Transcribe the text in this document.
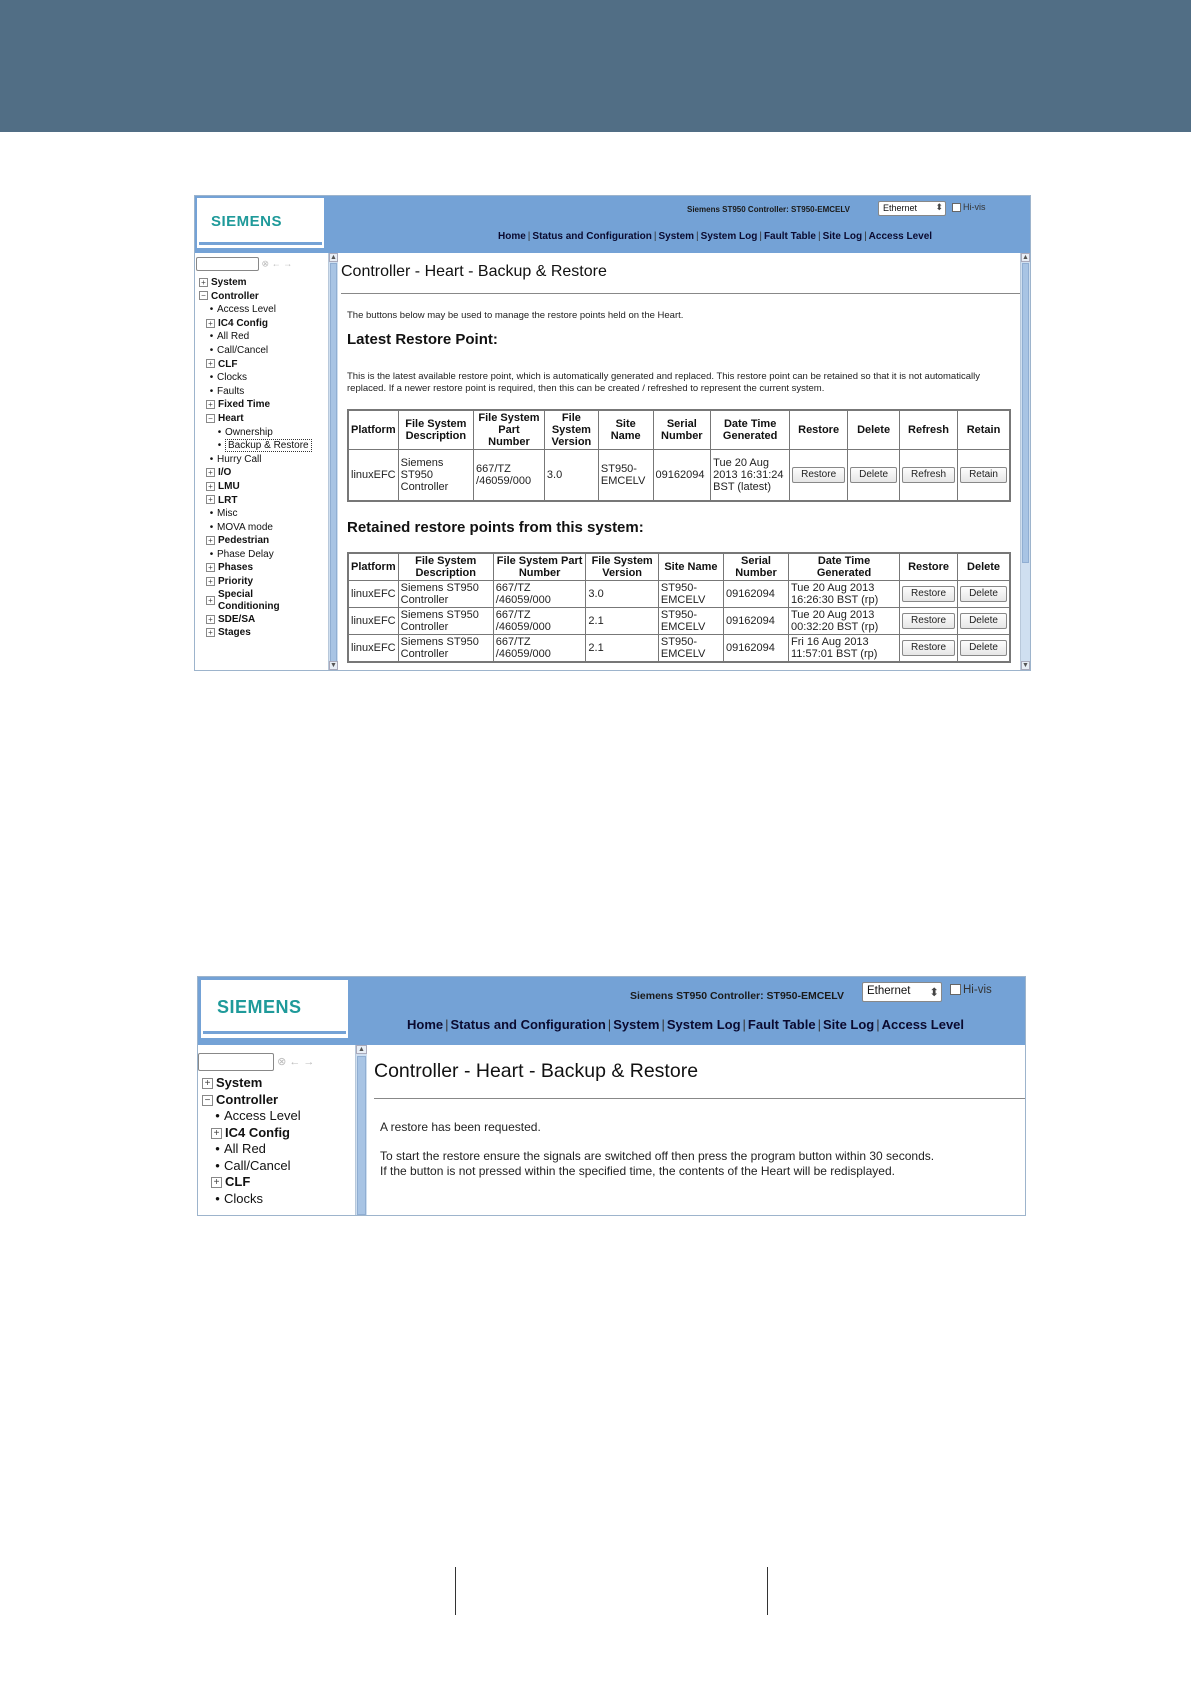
SIEMENS
Siemens ST950 Controller: ST950-EMCELV	Ethernet ⬍	Hi-vis
Home | Status and Configuration | System | System Log | Fault Table | Site Log | Access Level
⊗ ← →
+ System
− Controller
• Access Level
+ IC4 Config
• All Red
• Call/Cancel
+ CLF
• Clocks
• Faults
+ Fixed Time
− Heart
• Ownership
• Backup & Restore
• Hurry Call
+ I/O
+ LMU
+ LRT
• Misc
• MOVA mode
+ Pedestrian
• Phase Delay
+ Phases
+ Priority
+Special Conditioning
+ SDE/SA
+ Stages
▲
▼
Controller - Heart - Backup & Restore
The buttons below may be used to manage the restore points held on the Heart.
Latest Restore Point:
This is the latest available restore point, which is automatically generated and replaced. This restore point can be retained so that it is not automatically replaced. If a newer restore point is required, then this can be created / refreshed to represent the current system.
Platform	File System Description	File System Part Number	File System Version	Site Name	Serial Number	Date Time Generated	Restore	Delete	Refresh	Retain
linuxEFC	Siemens ST950 Controller	667/TZ /46059/000	3.0	ST950-EMCELV	09162094	Tue 20 Aug 2013 16:31:24 BST (latest)	Restore	Delete	Refresh	Retain
Retained restore points from this system:
Platform	File System Description	File System Part Number	File System Version	Site Name	Serial Number	Date Time Generated	Restore	Delete
linuxEFC	Siemens ST950 Controller	667/TZ /46059/000	3.0	ST950-EMCELV	09162094	Tue 20 Aug 2013 16:26:30 BST (rp)	Restore	Delete
linuxEFC	Siemens ST950 Controller	667/TZ /46059/000	2.1	ST950-EMCELV	09162094	Tue 20 Aug 2013 00:32:20 BST (rp)	Restore	Delete
linuxEFC	Siemens ST950 Controller	667/TZ /46059/000	2.1	ST950-EMCELV	09162094	Fri 16 Aug 2013 11:57:01 BST (rp)	Restore	Delete
▲
▼
SIEMENS
Siemens ST950 Controller: ST950-EMCELV	Ethernet ⬍	Hi-vis
Home | Status and Configuration | System | System Log | Fault Table | Site Log | Access Level
⊗ ← →
+ System
− Controller
• Access Level
+ IC4 Config
• All Red
• Call/Cancel
+ CLF
• Clocks
▲
Controller - Heart - Backup & Restore
A restore has been requested.
To start the restore ensure the signals are switched off then press the program button within 30 seconds.
If the button is not pressed within the specified time, the contents of the Heart will be redisplayed.
